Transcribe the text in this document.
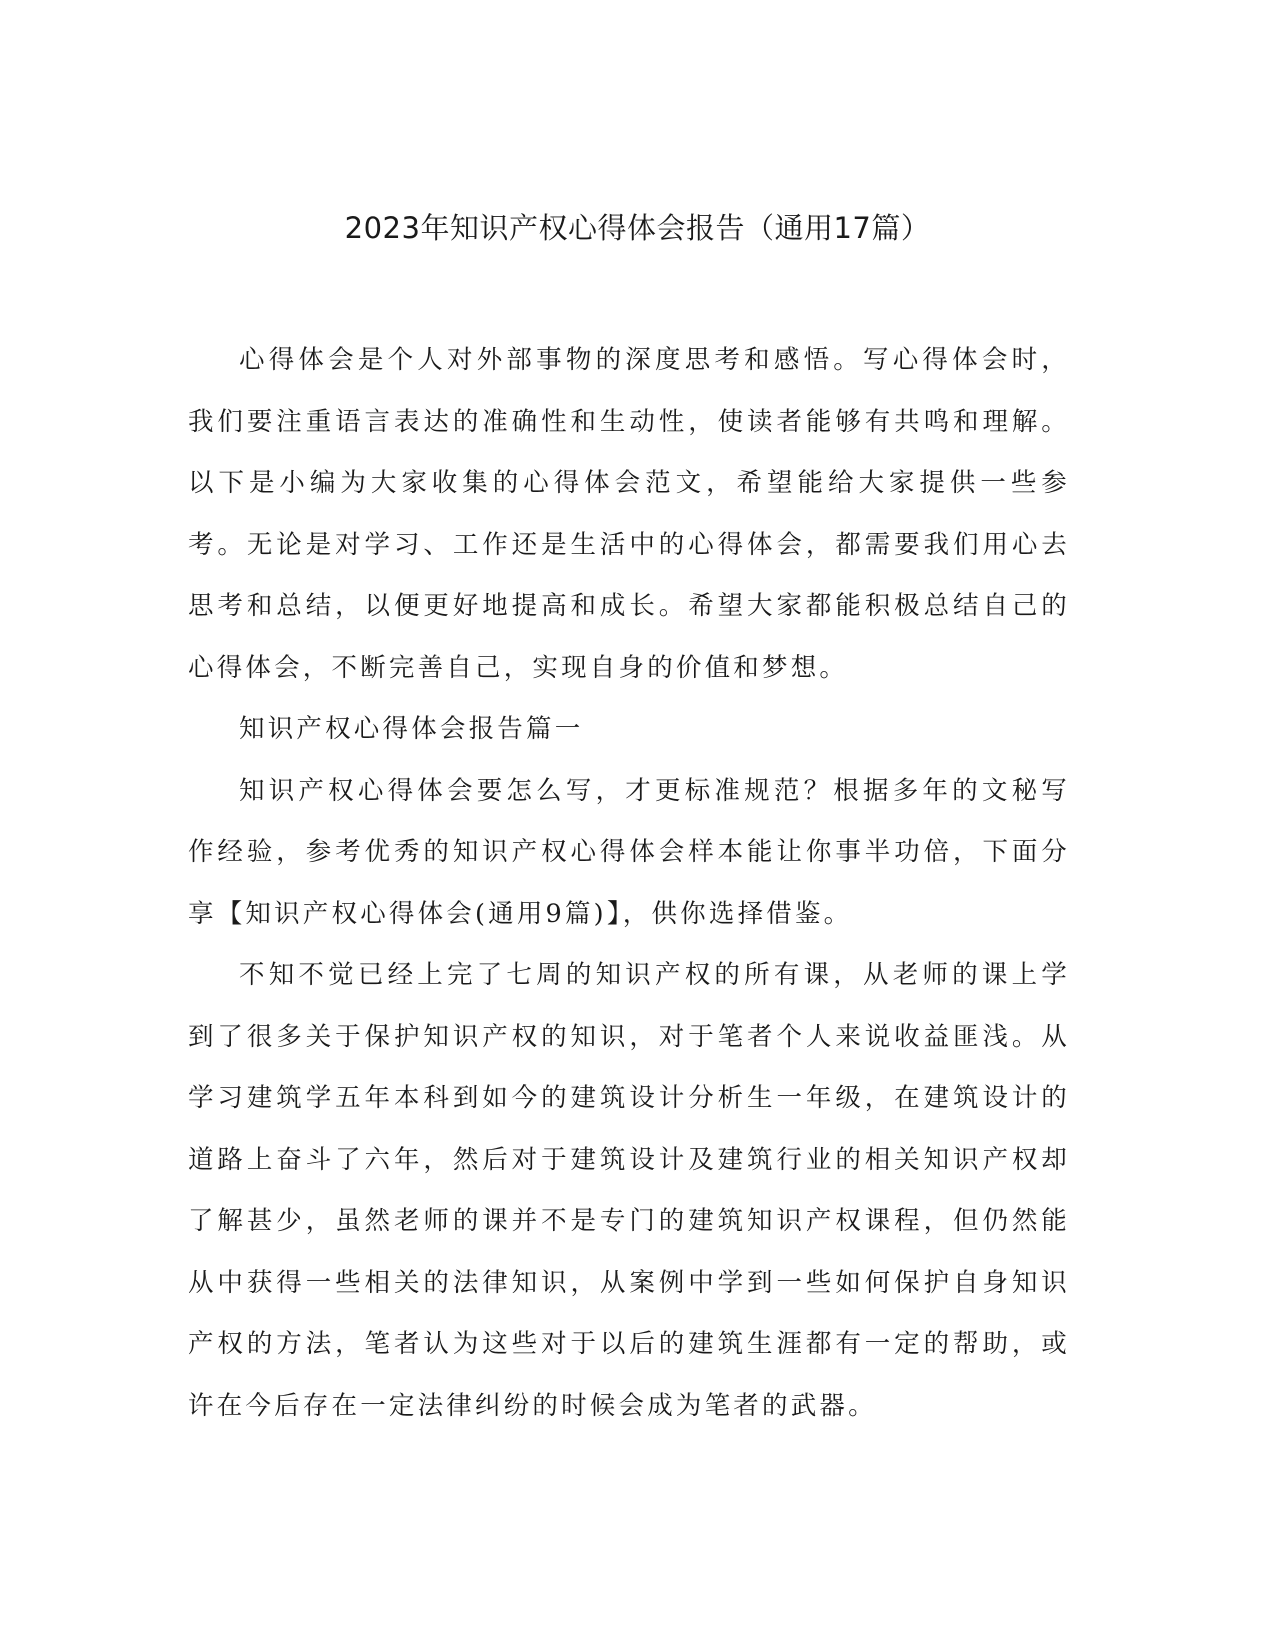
2023年知识产权心得体会报告（通用17篇）

心得体会是个人对外部事物的深度思考和感悟。写心得体会时，我们要注重语言表达的准确性和生动性，使读者能够有共鸣和理解。以下是小编为大家收集的心得体会范文，希望能给大家提供一些参考。无论是对学习、工作还是生活中的心得体会，都需要我们用心去思考和总结，以便更好地提高和成长。希望大家都能积极总结自己的心得体会，不断完善自己，实现自身的价值和梦想。

知识产权心得体会报告篇一

知识产权心得体会要怎么写，才更标准规范？根据多年的文秘写作经验，参考优秀的知识产权心得体会样本能让你事半功倍，下面分享【知识产权心得体会(通用9篇)】，供你选择借鉴。

不知不觉已经上完了七周的知识产权的所有课，从老师的课上学到了很多关于保护知识产权的知识，对于笔者个人来说收益匪浅。从学习建筑学五年本科到如今的建筑设计分析生一年级，在建筑设计的道路上奋斗了六年，然后对于建筑设计及建筑行业的相关知识产权却了解甚少，虽然老师的课并不是专门的建筑知识产权课程，但仍然能从中获得一些相关的法律知识，从案例中学到一些如何保护自身知识产权的方法，笔者认为这些对于以后的建筑生涯都有一定的帮助，或许在今后存在一定法律纠纷的时候会成为笔者的武器。
